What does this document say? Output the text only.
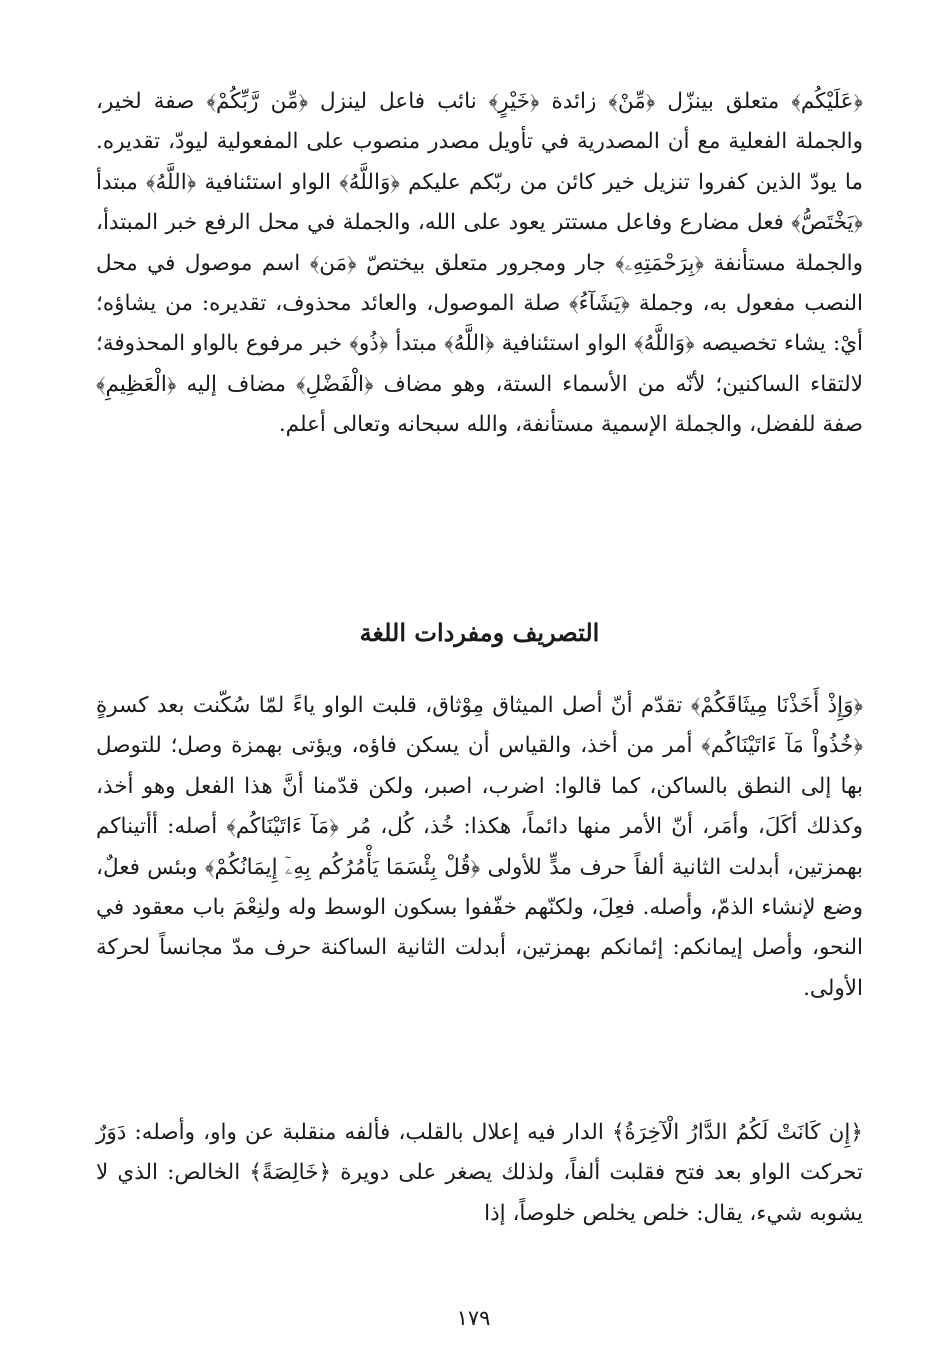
﴿عَلَيْكُم﴾ متعلق بينزّل ﴿مِّنْ﴾ زائدة ﴿خَيْرٍ﴾ نائب فاعل لينزل ﴿مِّن رَّبِّكُمْ﴾ صفة لخير، والجملة الفعلية مع أن المصدرية في تأويل مصدر منصوب على المفعولية ليودّ، تقديره. ما يودّ الذين كفروا تنزيل خير كائن من ربّكم عليكم ﴿وَاللَّهُ﴾ الواو استئنافية ﴿اللَّهُ﴾ مبتدأ ﴿يَخْتَصُّ﴾ فعل مضارع وفاعل مستتر يعود على الله، والجملة في محل الرفع خبر المبتدأ، والجملة مستأنفة ﴿بِرَحْمَتِهِۦ﴾ جار ومجرور متعلق بيختصّ ﴿مَن﴾ اسم موصول في محل النصب مفعول به، وجملة ﴿يَشَآءُ﴾ صلة الموصول، والعائد محذوف، تقديره: من يشاؤه؛ أيْ: يشاء تخصيصه ﴿وَاللَّهُ﴾ الواو استئنافية ﴿اللَّهُ﴾ مبتدأ ﴿ذُو﴾ خبر مرفوع بالواو المحذوفة؛ لالتقاء الساكنين؛ لأنّه من الأسماء الستة، وهو مضاف ﴿الْفَضْلِ﴾ مضاف إليه ﴿الْعَظِيمِ﴾ صفة للفضل، والجملة الإسمية مستأنفة، والله سبحانه وتعالى أعلم.

التصريف ومفردات اللغة

﴿وَإِذْ أَخَذْنَا مِيثَاقَكُمْ﴾ تقدّم أنّ أصل الميثاق مِوْثاق، قلبت الواو ياءً لمّا سُكّنت بعد كسرةٍ ﴿خُذُواْ مَآ ءَاتَيْنَاكُم﴾ أمر من أخذ، والقياس أن يسكن فاؤه، ويؤتى بهمزة وصل؛ للتوصل بها إلى النطق بالساكن، كما قالوا: اضرب، اصبر، ولكن قدّمنا أنَّ هذا الفعل وهو أخذ، وكذلك أكَلَ، وأمَر، أنّ الأمر منها دائماً، هكذا: خُذ، كُل، مُر ﴿مَآ ءَاتَيْنَاكُم﴾ أصله: أأتيناكم بهمزتين، أبدلت الثانية ألفاً حرف مدٍّ للأولى ﴿قُلْ بِئْسَمَا يَأْمُرُكُم بِهِۦٓ إِيمَانُكُمْ﴾ وبئس فعلٌ، وضع لإنشاء الذمّ، وأصله. فعِلَ، ولكنّهم خفّفوا بسكون الوسط وله ولنِعْمَ باب معقود في النحو، وأصل إيمانكم: إئمانكم بهمزتين، أبدلت الثانية الساكنة حرف مدّ مجانساً لحركة الأولى.

﴿إِن كَانَتْ لَكُمُ الدَّارُ الْآخِرَةُ﴾ الدار فيه إعلال بالقلب، فألفه منقلبة عن واو، وأصله: دَوَرٌ تحركت الواو بعد فتح فقلبت ألفاً، ولذلك يصغر على دويرة ﴿خَالِصَةً﴾ الخالص: الذي لا يشوبه شيء، يقال: خلص يخلص خلوصاً، إذا

١٧٩
